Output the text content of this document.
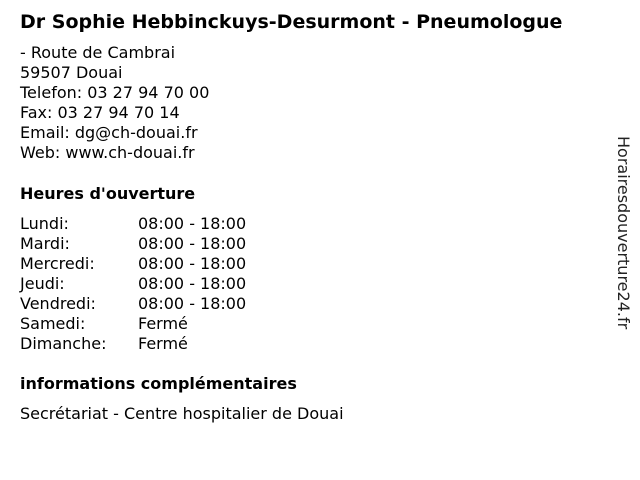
Dr Sophie Hebbinckuys-Desurmont - Pneumologue
- Route de Cambrai
59507 Douai
Telefon: 03 27 94 70 00
Fax: 03 27 94 70 14
Email: dg@ch-douai.fr
Web: www.ch-douai.fr
Heures d'ouverture
Lundi:	08:00 - 18:00
Mardi:	08:00 - 18:00
Mercredi:	08:00 - 18:00
Jeudi:	08:00 - 18:00
Vendredi:	08:00 - 18:00
Samedi:	Fermé
Dimanche:	Fermé
informations complémentaires
Secrétariat - Centre hospitalier de Douai
Horairesdouverture24.fr
